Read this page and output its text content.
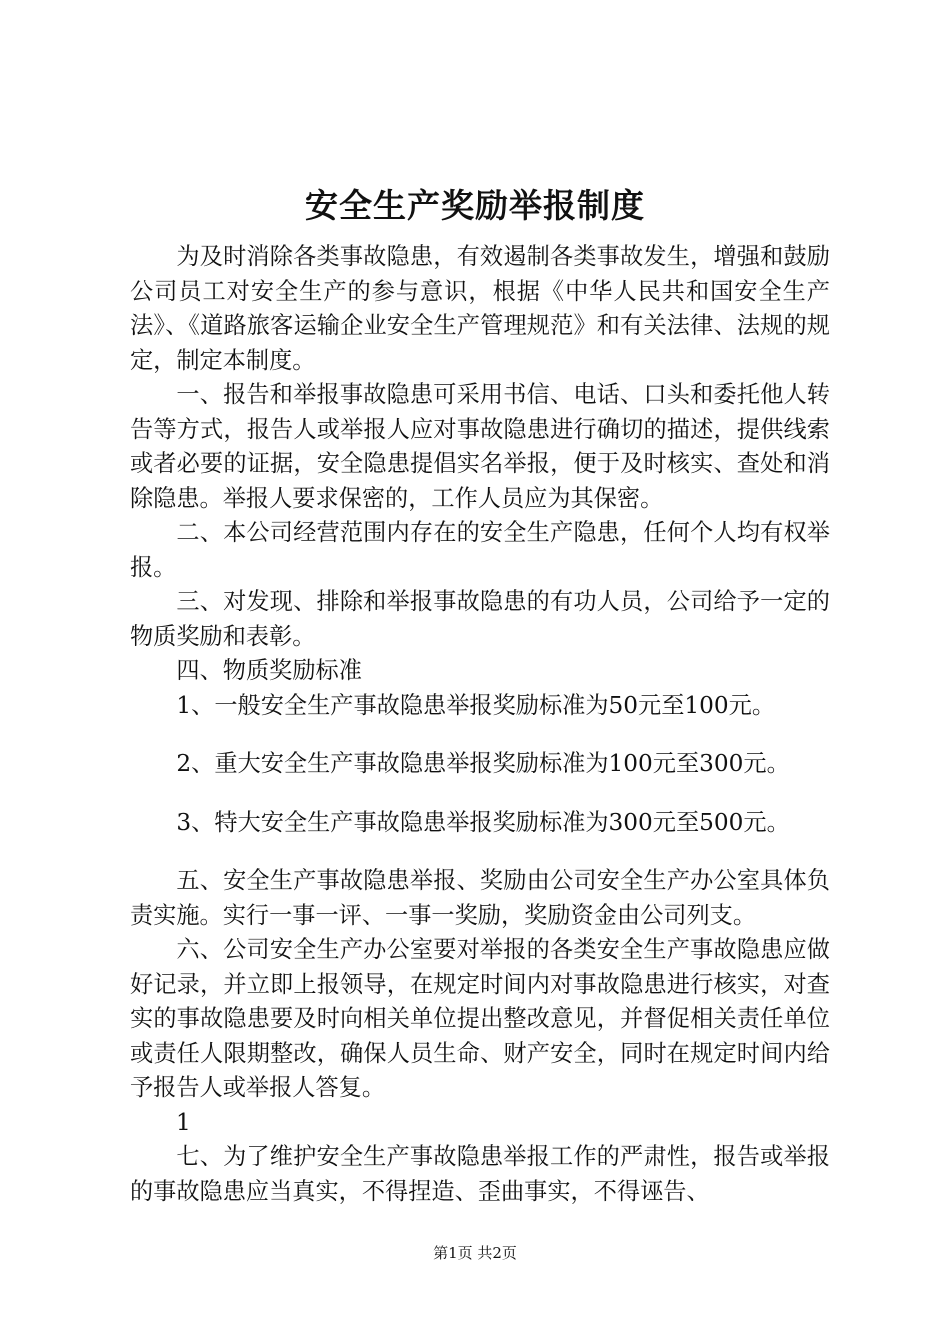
安全生产奖励举报制度

为及时消除各类事故隐患，有效遏制各类事故发生，增强和鼓励公司员工对安全生产的参与意识，根据《中华人民共和国安全生产法》、《道路旅客运输企业安全生产管理规范》和有关法律、法规的规定，制定本制度。

一、报告和举报事故隐患可采用书信、电话、口头和委托他人转告等方式，报告人或举报人应对事故隐患进行确切的描述，提供线索或者必要的证据，安全隐患提倡实名举报，便于及时核实、查处和消除隐患。举报人要求保密的，工作人员应为其保密。

二、本公司经营范围内存在的安全生产隐患，任何个人均有权举报。

三、对发现、排除和举报事故隐患的有功人员，公司给予一定的物质奖励和表彰。

四、物质奖励标准

1、一般安全生产事故隐患举报奖励标准为50元至100元。

2、重大安全生产事故隐患举报奖励标准为100元至300元。

3、特大安全生产事故隐患举报奖励标准为300元至500元。

五、安全生产事故隐患举报、奖励由公司安全生产办公室具体负责实施。实行一事一评、一事一奖励，奖励资金由公司列支。

六、公司安全生产办公室要对举报的各类安全生产事故隐患应做好记录，并立即上报领导，在规定时间内对事故隐患进行核实，对查实的事故隐患要及时向相关单位提出整改意见，并督促相关责任单位或责任人限期整改，确保人员生命、财产安全，同时在规定时间内给予报告人或举报人答复。

1

七、为了维护安全生产事故隐患举报工作的严肃性，报告或举报的事故隐患应当真实，不得捏造、歪曲事实，不得诬告、

第1页 共2页
